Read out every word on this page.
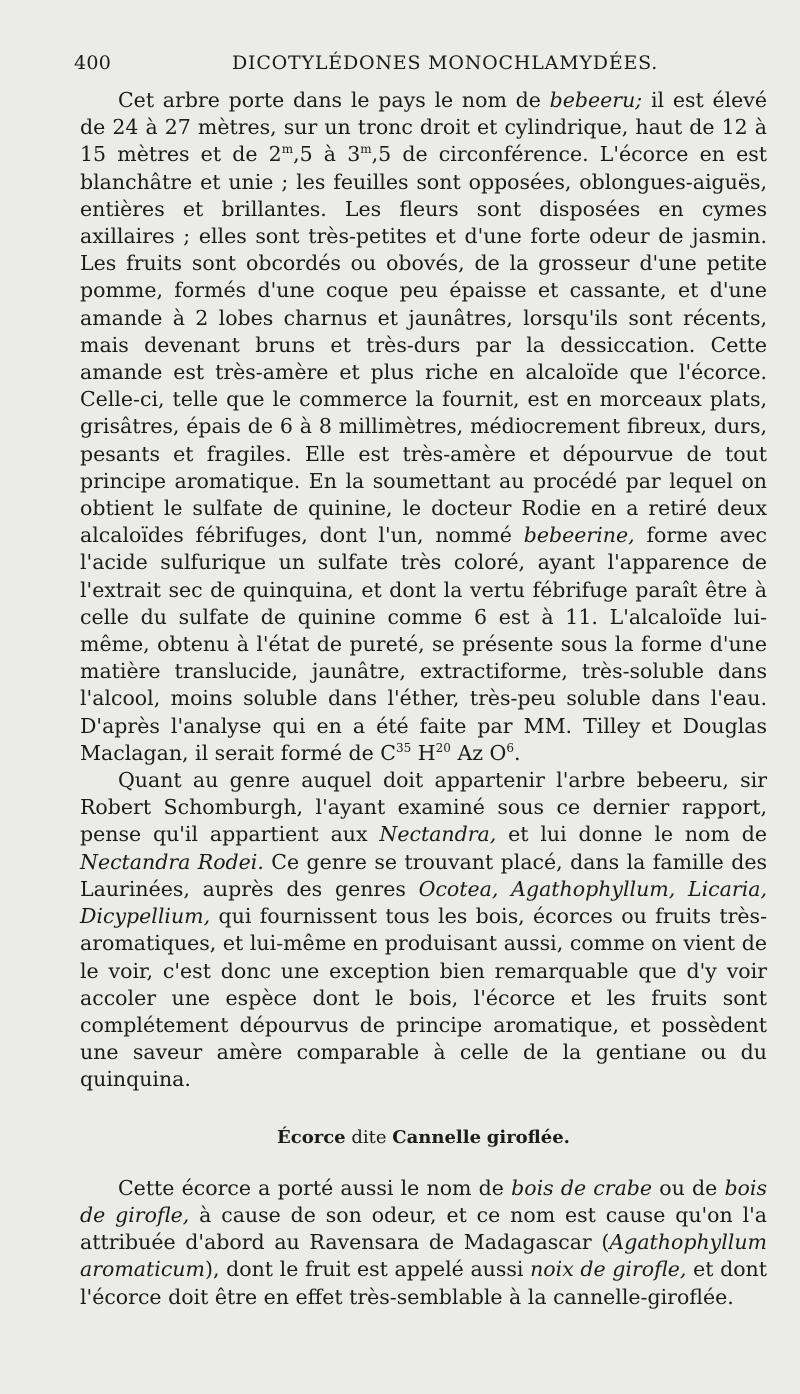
400	DICOTYLÉDONES MONOCHLAMYDÉES.

Cet arbre porte dans le pays le nom de bebeeru; il est élevé de 24 à 27 mètres, sur un tronc droit et cylindrique, haut de 12 à 15 mètres et de 2$^m$,5 à 3$^m$,5 de circonférence. L'écorce en est blanchâtre et unie ; les feuilles sont opposées, oblongues-aiguës, entières et brillantes. Les fleurs sont disposées en cymes axillaires ; elles sont très-petites et d'une forte odeur de jasmin. Les fruits sont obcordés ou obovés, de la grosseur d'une petite pomme, formés d'une coque peu épaisse et cassante, et d'une amande à 2 lobes charnus et jaunâtres, lorsqu'ils sont récents, mais devenant bruns et très-durs par la dessiccation. Cette amande est très-amère et plus riche en alcaloïde que l'écorce. Celle-ci, telle que le commerce la fournit, est en morceaux plats, grisâtres, épais de 6 à 8 millimètres, médiocrement fibreux, durs, pesants et fragiles. Elle est très-amère et dépourvue de tout principe aromatique. En la soumettant au procédé par lequel on obtient le sulfate de quinine, le docteur Rodie en a retiré deux alcaloïdes fébrifuges, dont l'un, nommé bebeerine, forme avec l'acide sulfurique un sulfate très coloré, ayant l'apparence de l'extrait sec de quinquina, et dont la vertu fébrifuge paraît être à celle du sulfate de quinine comme 6 est à 11. L'alcaloïde lui-même, obtenu à l'état de pureté, se présente sous la forme d'une matière translucide, jaunâtre, extractiforme, très-soluble dans l'alcool, moins soluble dans l'éther, très-peu soluble dans l'eau. D'après l'analyse qui en a été faite par MM. Tilley et Douglas Maclagan, il serait formé de $C^{35}$ $H^{20}$ Az $O^6$.

Quant au genre auquel doit appartenir l'arbre bebeeru, sir Robert Schomburgh, l'ayant examiné sous ce dernier rapport, pense qu'il appartient aux Nectandra, et lui donne le nom de Nectandra Rodei. Ce genre se trouvant placé, dans la famille des Laurinées, auprès des genres Ocotea, Agathophyllum, Licaria, Dicypellium, qui fournissent tous les bois, écorces ou fruits très-aromatiques, et lui-même en produisant aussi, comme on vient de le voir, c'est donc une exception bien remarquable que d'y voir accoler une espèce dont le bois, l'écorce et les fruits sont complétement dépourvus de principe aromatique, et possèdent une saveur amère comparable à celle de la gentiane ou du quinquina.

Écorce dite Cannelle giroflée.

Cette écorce a porté aussi le nom de bois de crabe ou de bois de girofle, à cause de son odeur, et ce nom est cause qu'on l'a attribuée d'abord au Ravensara de Madagascar (Agathophyllum aromaticum), dont le fruit est appelé aussi noix de girofle, et dont l'écorce doit être en effet très-semblable à la cannelle-giroflée.
